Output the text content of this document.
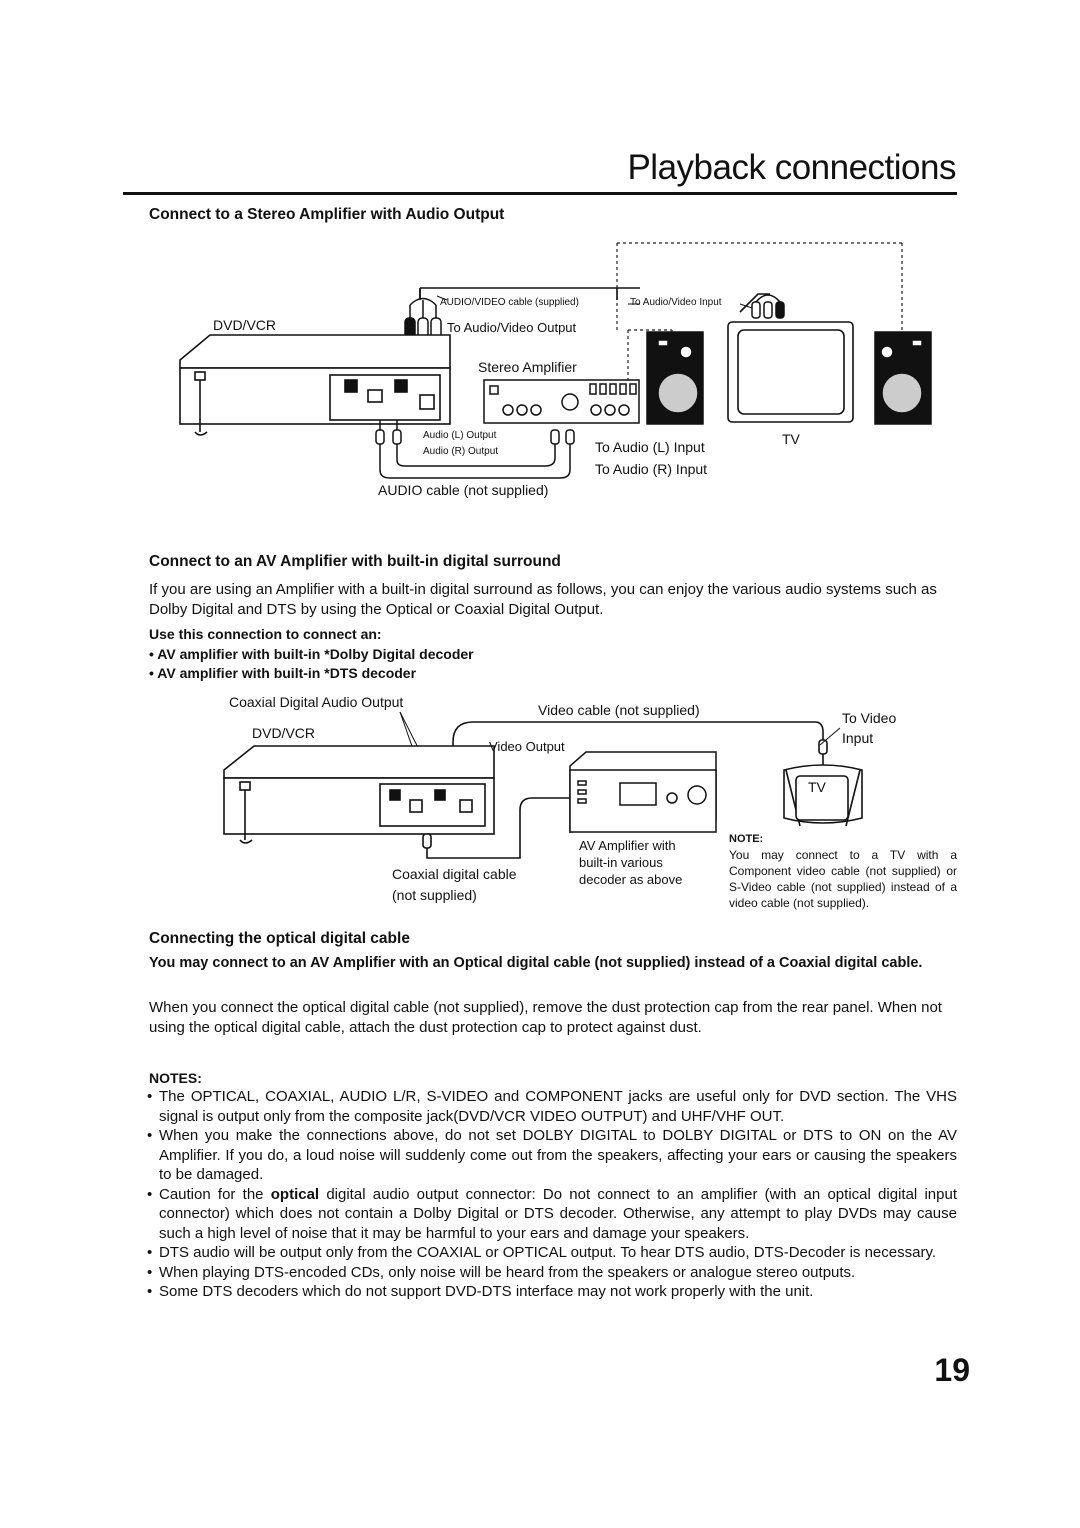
Playback connections
Connect to a Stereo Amplifier with Audio Output
AUDIO/VIDEO cable (supplied)	To Audio/Video Input
DVD/VCR	To Audio/Video Output
Stereo Amplifier
Audio (L) Output
Audio (R) Output	To Audio (L) Input
To Audio (R) Input
TV
AUDIO cable (not supplied)
Connect to an AV Amplifier with built-in digital surround
If you are using an Amplifier with a built-in digital surround as follows, you can enjoy the various audio systems such as Dolby Digital and DTS by using the Optical or Coaxial Digital Output.
Use this connection to connect an:
• AV amplifier with built-in *Dolby Digital decoder
• AV amplifier with built-in *DTS decoder
Coaxial Digital Audio Output
DVD/VCR
Video cable (not supplied)
Video Output
To Video
Input
TV
AV Amplifier with
built-in various
decoder as above
Coaxial digital cable
(not supplied)
NOTE:
You may connect to a TV with a Component video cable (not supplied) or S-Video cable (not supplied) instead of a video cable (not supplied).
Connecting the optical digital cable
You may connect to an AV Amplifier with an Optical digital cable (not supplied) instead of a Coaxial digital cable.
When you connect the optical digital cable (not supplied), remove the dust protection cap from the rear panel. When not using the optical digital cable, attach the dust protection cap to protect against dust.
NOTES:
• The OPTICAL, COAXIAL, AUDIO L/R, S-VIDEO and COMPONENT jacks are useful only for DVD section. The VHS signal is output only from the composite jack(DVD/VCR VIDEO OUTPUT) and UHF/VHF OUT.
• When you make the connections above, do not set DOLBY DIGITAL to DOLBY DIGITAL or DTS to ON on the AV Amplifier. If you do, a loud noise will suddenly come out from the speakers, affecting your ears or causing the speakers to be damaged.
• Caution for the optical digital audio output connector: Do not connect to an amplifier (with an optical digital input connector) which does not contain a Dolby Digital or DTS decoder. Otherwise, any attempt to play DVDs may cause such a high level of noise that it may be harmful to your ears and damage your speakers.
• DTS audio will be output only from the COAXIAL or OPTICAL output. To hear DTS audio, DTS-Decoder is necessary.
• When playing DTS-encoded CDs, only noise will be heard from the speakers or analogue stereo outputs.
• Some DTS decoders which do not support DVD-DTS interface may not work properly with the unit.
19
